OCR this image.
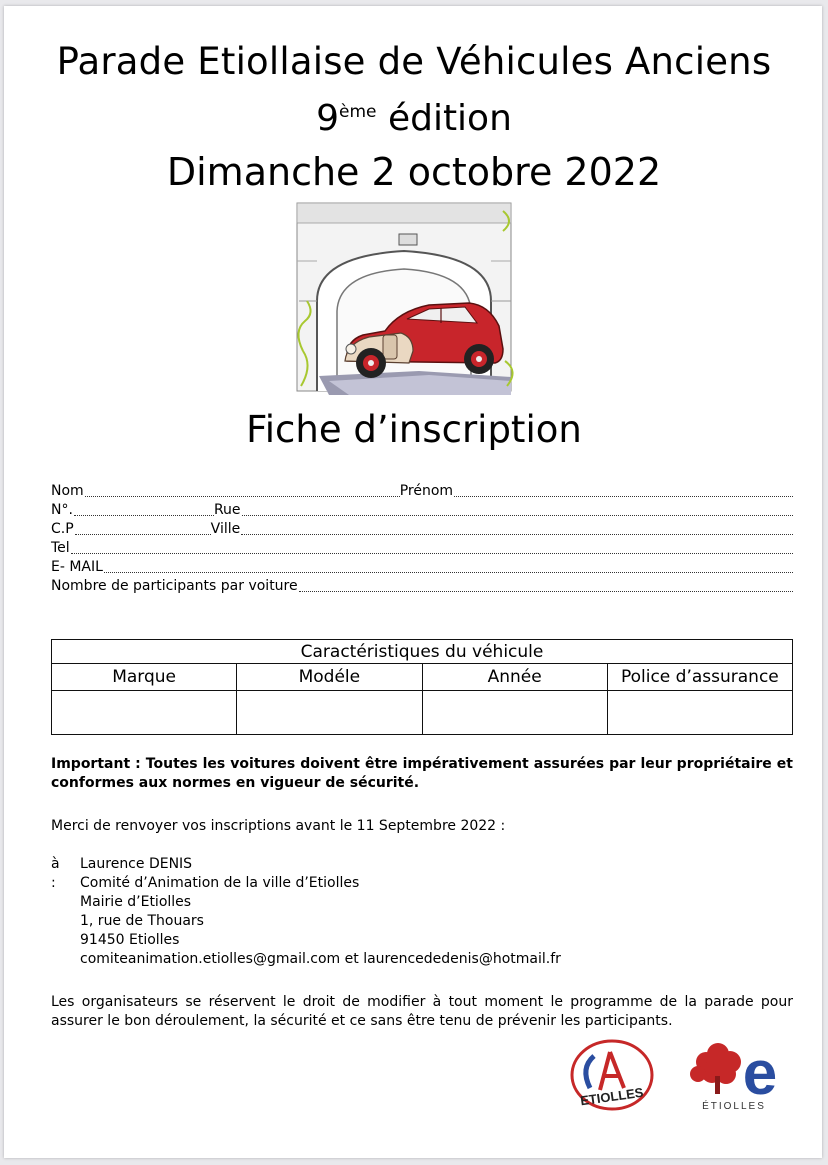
Parade Etiollaise de Véhicules Anciens
9ème édition
Dimanche 2 octobre 2022
Fiche d’inscription
Nom	Prénom
N°.	Rue
C.P	Ville
Tel
E- MAIL
Nombre de participants par voiture
Caractéristiques du véhicule			
Marque	Modéle	Année	Police d’assurance

Important : Toutes les voitures doivent être impérativement assurées par leur propriétaire et conformes aux normes en vigueur de sécurité.
Merci de renvoyer vos inscriptions avant le 11 Septembre 2022 :
à :
Laurence DENIS
Comité d’Animation de la ville d’Etiolles
Mairie d’Etiolles
1, rue de Thouars
91450 Etiolles
comiteanimation.etiolles@gmail.com et laurencededenis@hotmail.fr
Les organisateurs se réservent le droit de modifier à tout moment le programme de la parade pour assurer le bon déroulement, la sécurité et ce sans être tenu de prévenir les participants.
ETIOLLES e
ÉTIOLLES
